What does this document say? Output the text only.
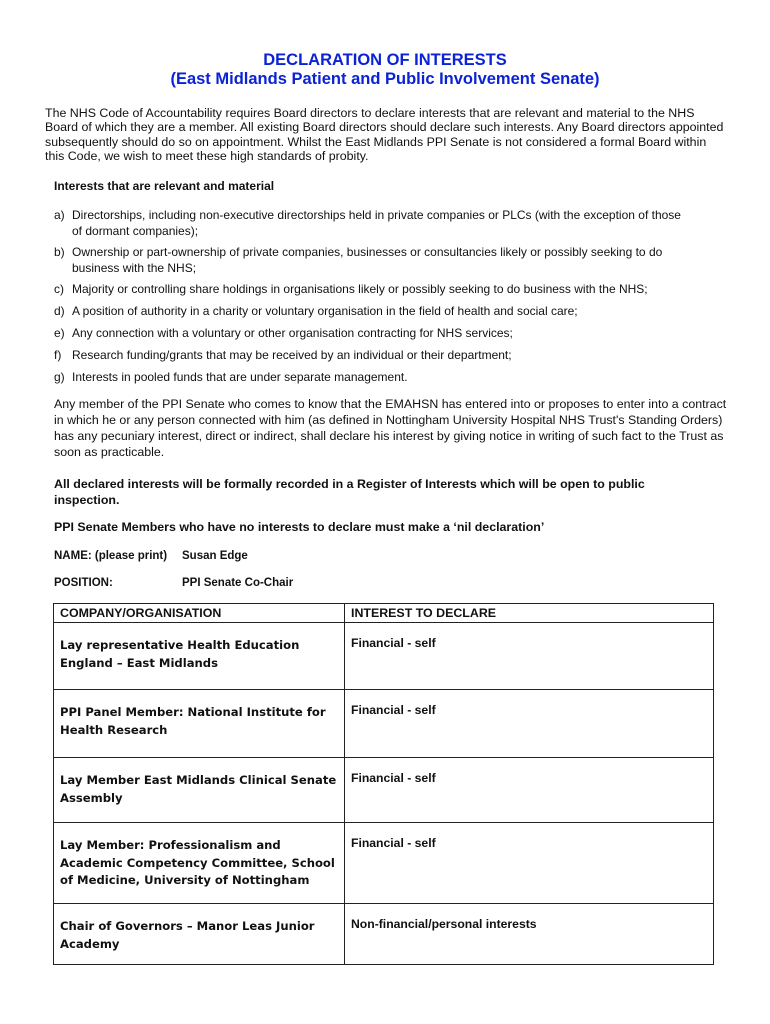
DECLARATION OF INTERESTS
(East Midlands Patient and Public Involvement Senate)
The NHS Code of Accountability requires Board directors to declare interests that are relevant and material to the NHS Board of which they are a member. All existing Board directors should declare such interests. Any Board directors appointed subsequently should do so on appointment. Whilst the East Midlands PPI Senate is not considered a formal Board within this Code, we wish to meet these high standards of probity.
Interests that are relevant and material
a) Directorships, including non-executive directorships held in private companies or PLCs (with the exception of those of dormant companies);
b) Ownership or part-ownership of private companies, businesses or consultancies likely or possibly seeking to do business with the NHS;
c) Majority or controlling share holdings in organisations likely or possibly seeking to do business with the NHS;
d) A position of authority in a charity or voluntary organisation in the field of health and social care;
e) Any connection with a voluntary or other organisation contracting for NHS services;
f) Research funding/grants that may be received by an individual or their department;
g) Interests in pooled funds that are under separate management.
Any member of the PPI Senate who comes to know that the EMAHSN has entered into or proposes to enter into a contract in which he or any person connected with him (as defined in Nottingham University Hospital NHS Trust's Standing Orders) has any pecuniary interest, direct or indirect, shall declare his interest by giving notice in writing of such fact to the Trust as soon as practicable.
All declared interests will be formally recorded in a Register of Interests which will be open to public inspection.
PPI Senate Members who have no interests to declare must make a ‘nil declaration’
NAME: (please print) Susan Edge
POSITION:	PPI Senate Co-Chair
COMPANY/ORGANISATION	INTEREST TO DECLARE
Lay representative Health Education England – East Midlands	Financial - self
PPI Panel Member: National Institute for Health Research	Financial - self
Lay Member East Midlands Clinical Senate Assembly	Financial - self
Lay Member: Professionalism and Academic Competency Committee, School of Medicine, University of Nottingham	Financial - self
Chair of Governors – Manor Leas Junior Academy	Non-financial/personal interests
